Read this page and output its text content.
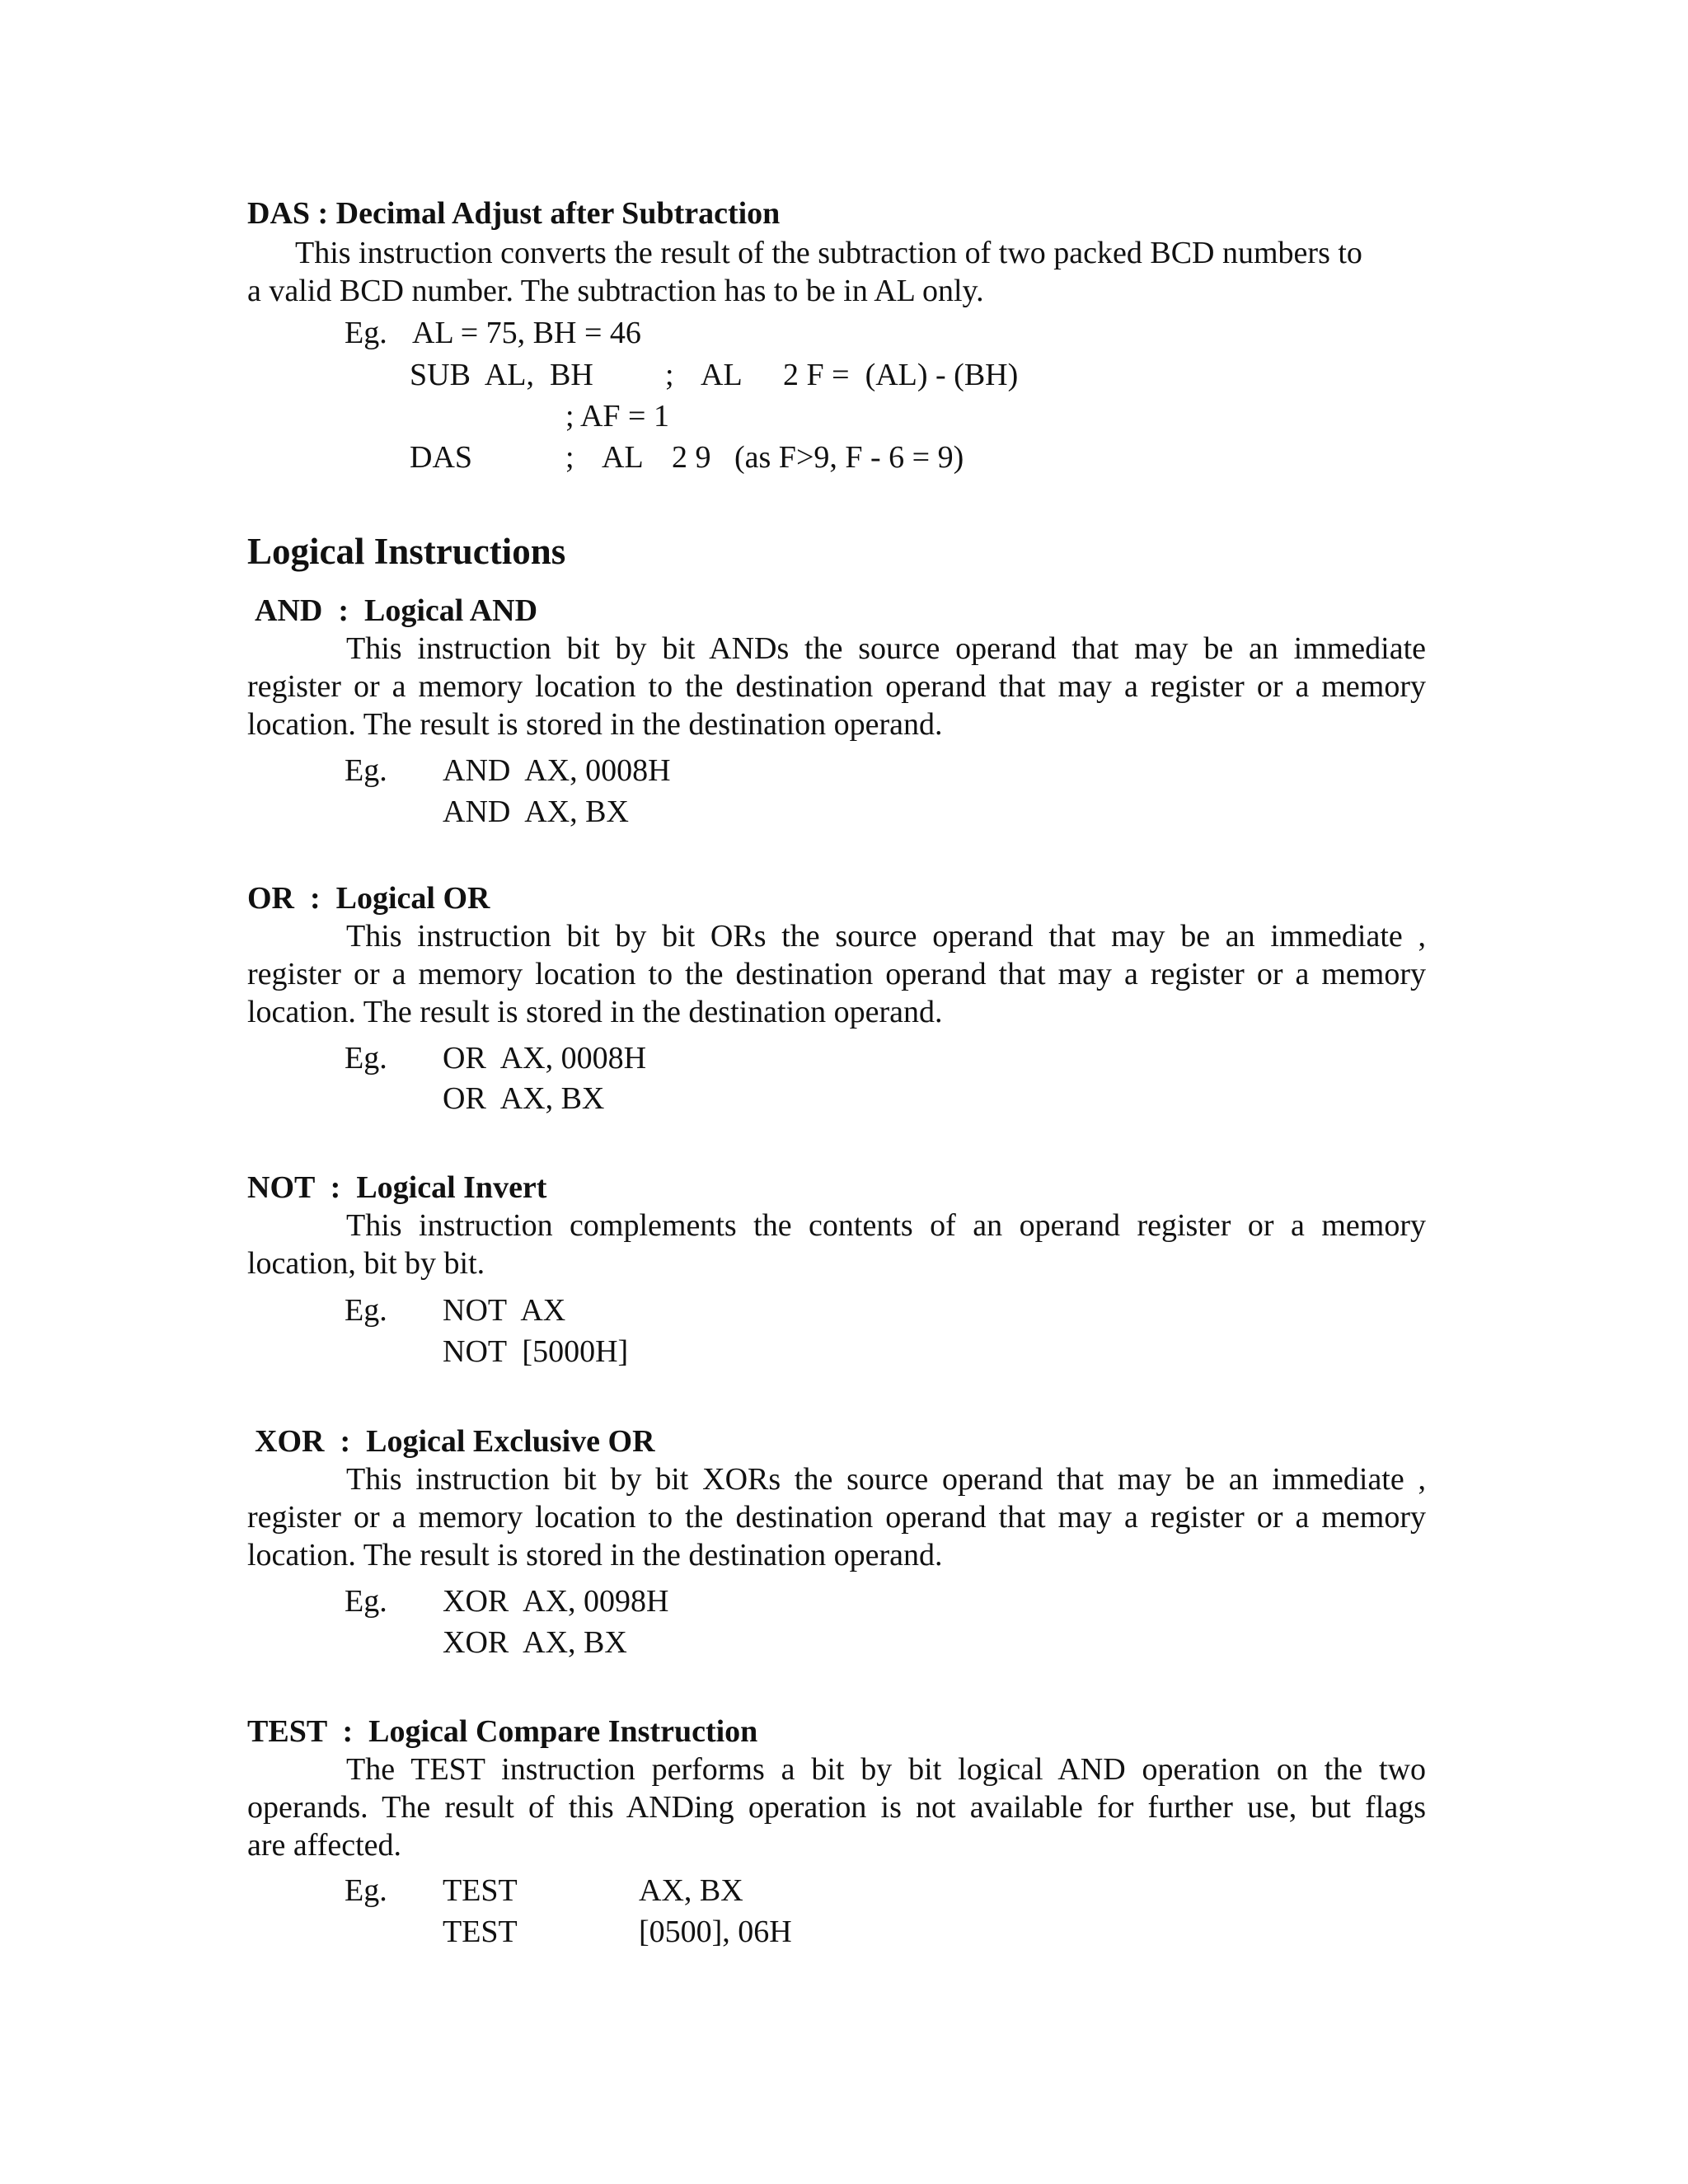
DAS : Decimal Adjust after Subtraction
This instruction converts the result of the subtraction of two packed BCD numbers to
a valid BCD number. The subtraction has to be in AL only.
Eg. AL = 75, BH = 46
SUB  AL,  BH ; AL 2 F =  (AL) - (BH)
; AF = 1
DAS	; AL 2 9   (as F>9, F - 6 = 9)
Logical Instructions
AND  :  Logical AND
This instruction bit by bit ANDs the source operand that may be an immediate
register or a memory location to the destination operand that may a register or a memory
location. The result is stored in the destination operand.
Eg. AND  AX, 0008H
AND  AX, BX
OR  :  Logical OR
This instruction bit by bit ORs the source operand that may be an immediate ,
register or a memory location to the destination operand that may a register or a memory
location. The result is stored in the destination operand.
Eg. OR  AX, 0008H
OR  AX, BX
NOT  :  Logical Invert
This instruction complements the contents of an operand register or a memory
location, bit by bit.
Eg. NOT  AX
NOT  [5000H]
XOR  :  Logical Exclusive OR
This instruction bit by bit XORs the source operand that may be an immediate ,
register or a memory location to the destination operand that may a register or a memory
location. The result is stored in the destination operand.
Eg. XOR  AX, 0098H
XOR  AX, BX
TEST  :  Logical Compare Instruction
The TEST instruction performs a bit by bit logical AND operation on the two
operands. The result of this ANDing operation is not available for further use, but flags
are affected.
Eg. TEST	AX, BX
TEST	[0500], 06H
